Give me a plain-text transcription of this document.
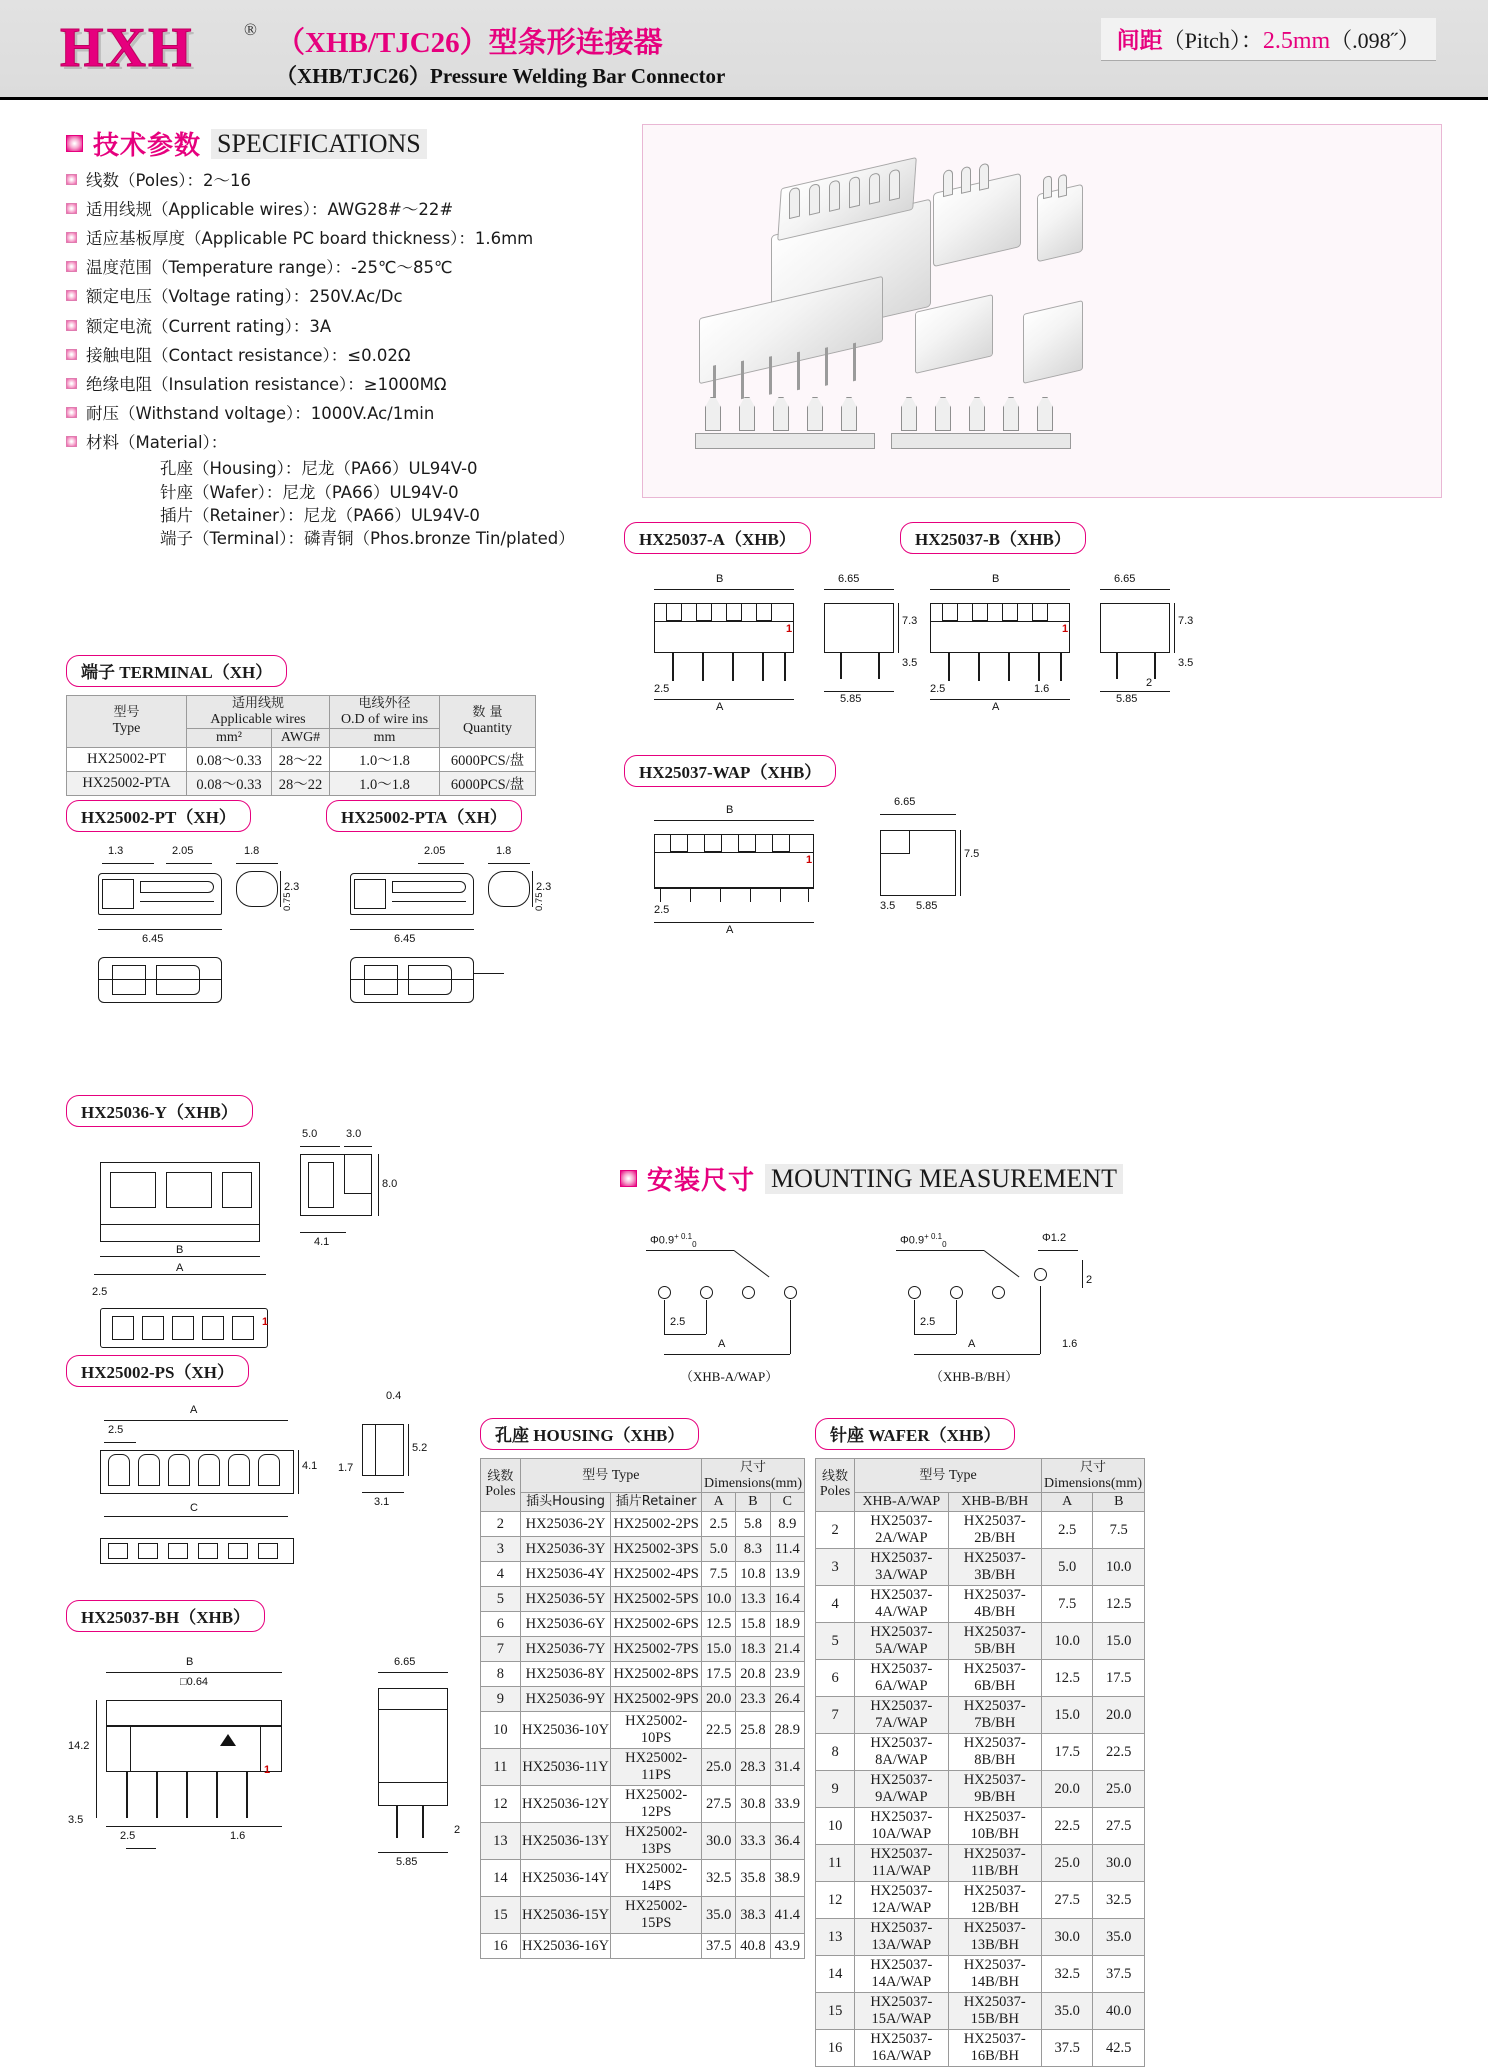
HXH	® （XHB/TJC26）型条形连接器
（XHB/TJC26）Pressure Welding Bar Connector
间距（Pitch）：2.5mm（.098˝）
技术参数 SPECIFICATIONS
线数（Poles）：2～16
适用线规（Applicable wires）：AWG28#～22#
适应基板厚度（Applicable PC board thickness）：1.6mm
温度范围（Temperature range）：-25℃～85℃
额定电压（Voltage rating）：250V.Ac/Dc
额定电流（Current rating）：3A
接触电阻（Contact resistance）：≤0.02Ω
绝缘电阻（Insulation resistance）：≥1000MΩ
耐压（Withstand voltage）：1000V.Ac/1min
材料（Material）：
孔座（Housing）：尼龙（PA66）UL94V-0
针座（Wafer）：尼龙（PA66）UL94V-0
插片（Retainer）：尼龙（PA66）UL94V-0
端子（Terminal）：磷青铜（Phos.bronze Tin/plated）
端子 TERMINAL（XH）
型号
Type

适用线规
Applicable wires

电线外径
O.D of wire ins	数 量
Quantity

	mm²	AWG#	mm	
HX25002-PT	0.08～0.33	28～22	1.0～1.8	6000PCS/盘
HX25002-PTA	0.08～0.33	28～22	1.0～1.8	6000PCS/盘
HX25002-PT（XH）
1.3	2.05
6.45
1.8
2.3
0.75
HX25002-PTA（XH）
2.05
6.45
1.8
2.3
0.75
HX25036-Y（XHB）
B
A
2.5
1
5.0	3.0
8.0
4.1
HX25002-PS（XH）
A
2.5
4.1
C
0.4
5.2
1.7
3.1
HX25037-BH（XHB）
B
□0.64
14.2
1
3.5
2.5	1.6
6.65
2
5.85
HX25037-A（XHB）
B
2.5
A
1
6.65
7.3
3.5
5.85
HX25037-B（XHB）
B
2.5	1.6
A
1
6.65
7.3
3.5
2
5.85
HX25037-WAP（XHB）
B
2.5
A
1
6.65
7.5
3.5 5.85
安装尺寸 MOUNTING MEASUREMENT
$\Phi 0.9^{+ 0.1}_0$
2.5
A
（XHB-A/WAP）
$\Phi 0.9^{+ 0.1}_0$
Φ1.2
2.5
A	1.6
2
（XHB-B/BH）
孔座 HOUSING（XHB）	针座 WAFER（XHB）
线数
Poles	型号 Type		尺寸Dimensions(mm)		
	插头Housing	插片Retainer	A	B	C
2	HX25036-2Y	HX25002-2PS	2.5	5.8	8.9
3	HX25036-3Y	HX25002-3PS	5.0	8.3	11.4
4	HX25036-4Y	HX25002-4PS	7.5	10.8	13.9
5	HX25036-5Y	HX25002-5PS	10.0	13.3	16.4
6	HX25036-6Y	HX25002-6PS	12.5	15.8	18.9
7	HX25036-7Y	HX25002-7PS	15.0	18.3	21.4
8	HX25036-8Y	HX25002-8PS	17.5	20.8	23.9
9	HX25036-9Y	HX25002-9PS	20.0	23.3	26.4
10	HX25036-10Y	HX25002-10PS	22.5	25.8	28.9
11	HX25036-11Y	HX25002-11PS	25.0	28.3	31.4
12	HX25036-12Y	HX25002-12PS	27.5	30.8	33.9
13	HX25036-13Y	HX25002-13PS	30.0	33.3	36.4
14	HX25036-14Y	HX25002-14PS	32.5	35.8	38.9
15	HX25036-15Y	HX25002-15PS	35.0	38.3	41.4
16	HX25036-16Y		37.5	40.8	43.9
线数
Poles	型号 Type		尺寸Dimensions(mm)	
	XHB-A/WAP	XHB-B/BH	A	B
2	HX25037-2A/WAP	HX25037-2B/BH	2.5	7.5
3	HX25037-3A/WAP	HX25037-3B/BH	5.0	10.0
4	HX25037-4A/WAP	HX25037-4B/BH	7.5	12.5
5	HX25037-5A/WAP	HX25037-5B/BH	10.0	15.0
6	HX25037-6A/WAP	HX25037-6B/BH	12.5	17.5
7	HX25037-7A/WAP	HX25037-7B/BH	15.0	20.0
8	HX25037-8A/WAP	HX25037-8B/BH	17.5	22.5
9	HX25037-9A/WAP	HX25037-9B/BH	20.0	25.0
10	HX25037-10A/WAP	HX25037-10B/BH	22.5	27.5
11	HX25037-11A/WAP	HX25037-11B/BH	25.0	30.0
12	HX25037-12A/WAP	HX25037-12B/BH	27.5	32.5
13	HX25037-13A/WAP	HX25037-13B/BH	30.0	35.0
14	HX25037-14A/WAP	HX25037-14B/BH	32.5	37.5
15	HX25037-15A/WAP	HX25037-15B/BH	35.0	40.0
16	HX25037-16A/WAP	HX25037-16B/BH	37.5	42.5
